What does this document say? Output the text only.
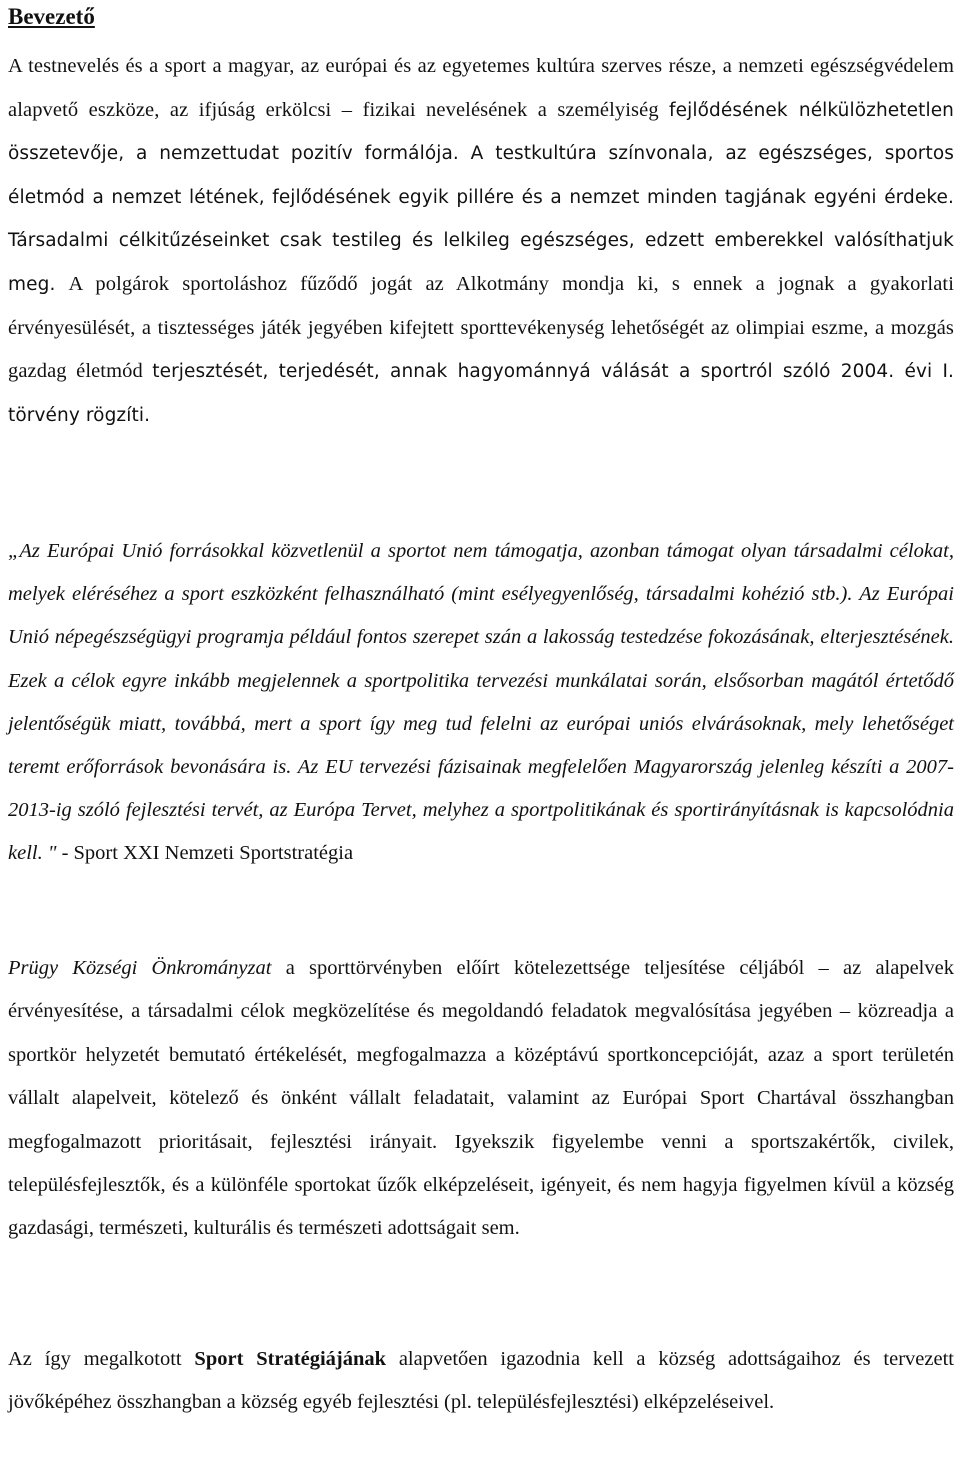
Bevezető

A testnevelés és a sport a magyar, az európai és az egyetemes kultúra szerves része, a nemzeti egészségvédelem alapvető eszköze, az ifjúság erkölcsi – fizikai nevelésének a személyiség fejlődésének nélkülözhetetlen összetevője, a nemzettudat pozitív formálója. A testkultúra színvonala, az egészséges, sportos életmód a nemzet létének, fejlődésének egyik pillére és a nemzet minden tagjának egyéni érdeke. Társadalmi célkitűzéseinket csak testileg és lelkileg egészséges, edzett emberekkel valósíthatjuk meg. A polgárok sportoláshoz fűződő jogát az Alkotmány mondja ki, s ennek a jognak a gyakorlati érvényesülését, a tisztességes játék jegyében kifejtett sporttevékenység lehetőségét az olimpiai eszme, a mozgás gazdag életmód terjesztését, terjedését, annak hagyománnyá válását a sportról szóló 2004. évi I. törvény rögzíti.

„Az Európai Unió forrásokkal közvetlenül a sportot nem támogatja, azonban támogat olyan társadalmi célokat, melyek eléréséhez a sport eszközként felhasználható (mint esélyegyenlőség, társadalmi kohézió stb.). Az Európai Unió népegészségügyi programja például fontos szerepet szán a lakosság testedzése fokozásának, elterjesztésének. Ezek a célok egyre inkább megjelennek a sportpolitika tervezési munkálatai során, elsősorban magától értetődő jelentőségük miatt, továbbá, mert a sport így meg tud felelni az európai uniós elvárásoknak, mely lehetőséget teremt erőforrások bevonására is. Az EU tervezési fázisainak megfelelően Magyarország jelenleg készíti a 2007-2013-ig szóló fejlesztési tervét, az Európa Tervet, melyhez a sportpolitikának és sportirányításnak is kapcsolódnia kell. " - Sport XXI Nemzeti Sportstratégia

Prügy Községi Önkrományzat a sporttörvényben előírt kötelezettsége teljesítése céljából – az alapelvek érvényesítése, a társadalmi célok megközelítése és megoldandó feladatok megvalósítása jegyében – közreadja a sportkör helyzetét bemutató értékelését, megfogalmazza a középtávú sportkoncepcióját, azaz a sport területén vállalt alapelveit, kötelező és önként vállalt feladatait, valamint az Európai Sport Chartával összhangban megfogalmazott prioritásait, fejlesztési irányait. Igyekszik figyelembe venni a sportszakértők, civilek, településfejlesztők, és a különféle sportokat űzők elképzeléseit, igényeit, és nem hagyja figyelmen kívül a község gazdasági, természeti, kulturális és természeti adottságait sem.

Az így megalkotott Sport Stratégiájának alapvetően igazodnia kell a község adottságaihoz és tervezett jövőképéhez összhangban a község egyéb fejlesztési (pl. településfejlesztési) elképzeléseivel.
